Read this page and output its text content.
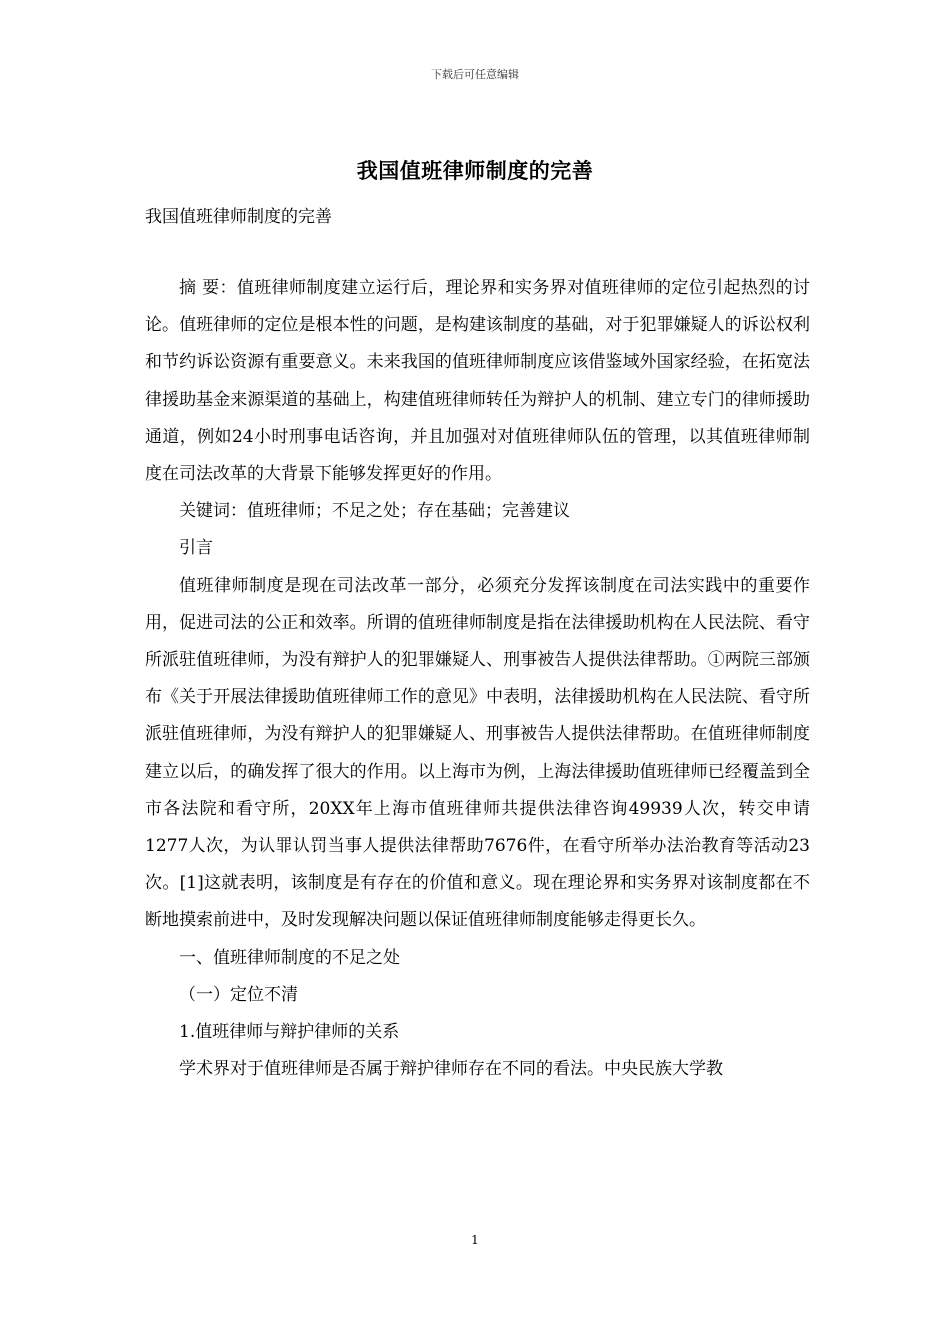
下载后可任意编辑
我国值班律师制度的完善
我国值班律师制度的完善

摘 要：值班律师制度建立运行后，理论界和实务界对值班律师的定位引起热烈的讨论。值班律师的定位是根本性的问题，是构建该制度的基础，对于犯罪嫌疑人的诉讼权利和节约诉讼资源有重要意义。未来我国的值班律师制度应该借鉴域外国家经验，在拓宽法律援助基金来源渠道的基础上，构建值班律师转任为辩护人的机制、建立专门的律师援助通道，例如24小时刑事电话咨询，并且加强对对值班律师队伍的管理，以其值班律师制度在司法改革的大背景下能够发挥更好的作用。

关键词：值班律师；不足之处；存在基础；完善建议

引言

值班律师制度是现在司法改革一部分，必须充分发挥该制度在司法实践中的重要作用，促进司法的公正和效率。所谓的值班律师制度是指在法律援助机构在人民法院、看守所派驻值班律师，为没有辩护人的犯罪嫌疑人、刑事被告人提供法律帮助。①两院三部颁布《关于开展法律援助值班律师工作的意见》中表明，法律援助机构在人民法院、看守所派驻值班律师，为没有辩护人的犯罪嫌疑人、刑事被告人提供法律帮助。在值班律师制度建立以后，的确发挥了很大的作用。以上海市为例，上海法律援助值班律师已经覆盖到全市各法院和看守所，20XX年上海市值班律师共提供法律咨询49939人次，转交申请1277人次，为认罪认罚当事人提供法律帮助7676件，在看守所举办法治教育等活动23次。[1]这就表明，该制度是有存在的价值和意义。现在理论界和实务界对该制度都在不断地摸索前进中，及时发现解决问题以保证值班律师制度能够走得更长久。

一、值班律师制度的不足之处

（一）定位不清

1.值班律师与辩护律师的关系

学术界对于值班律师是否属于辩护律师存在不同的看法。中央民族大学教

1
